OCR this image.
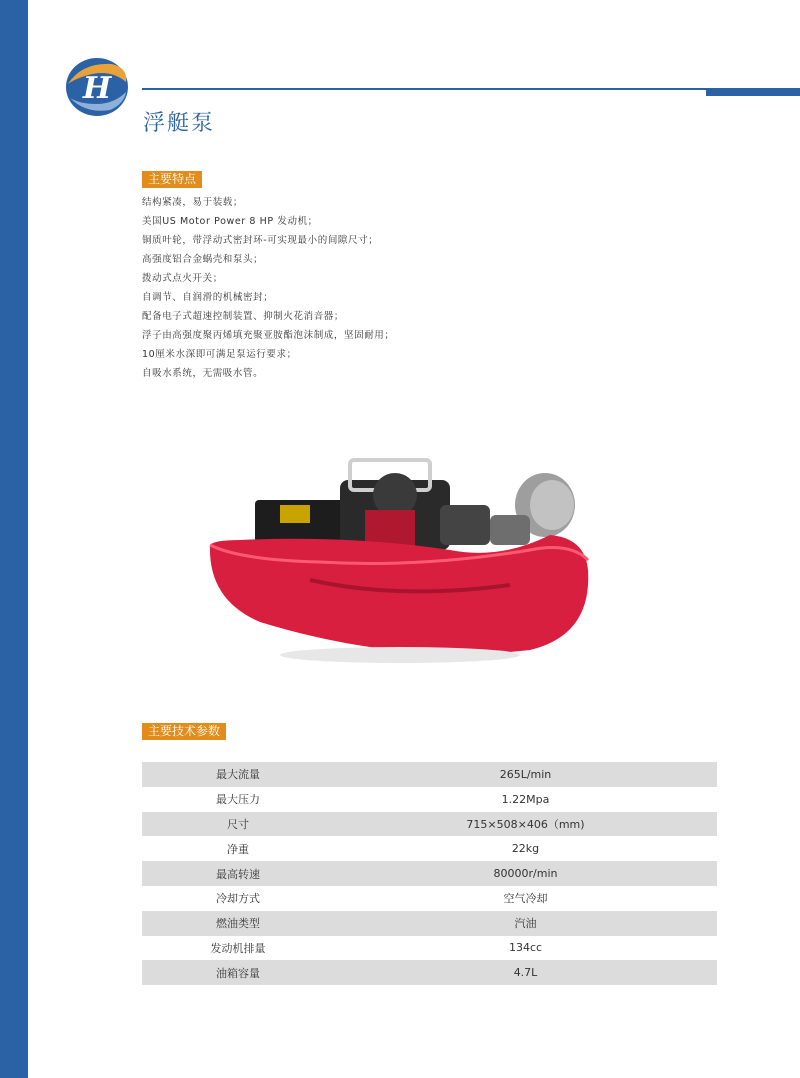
H
浮艇泵
主要特点
结构紧凑，易于装载；
美国US Motor Power 8 HP 发动机；
铜质叶轮，带浮动式密封环-可实现最小的间隙尺寸；
高强度铝合金蜗壳和泵头；
拨动式点火开关；
自调节、自润滑的机械密封；
配备电子式超速控制装置、抑制火花消音器；
浮子由高强度聚丙烯填充聚亚胺酯泡沫制成，坚固耐用；
10厘米水深即可满足泵运行要求；
自吸水系统，无需吸水管。
主要技术参数
最大流量	265L/min
最大压力	1.22Mpa
尺寸	715×508×406（mm)
净重	22kg
最高转速	80000r/min
冷却方式	空气冷却
燃油类型	汽油
发动机排量	134cc
油箱容量	4.7L
